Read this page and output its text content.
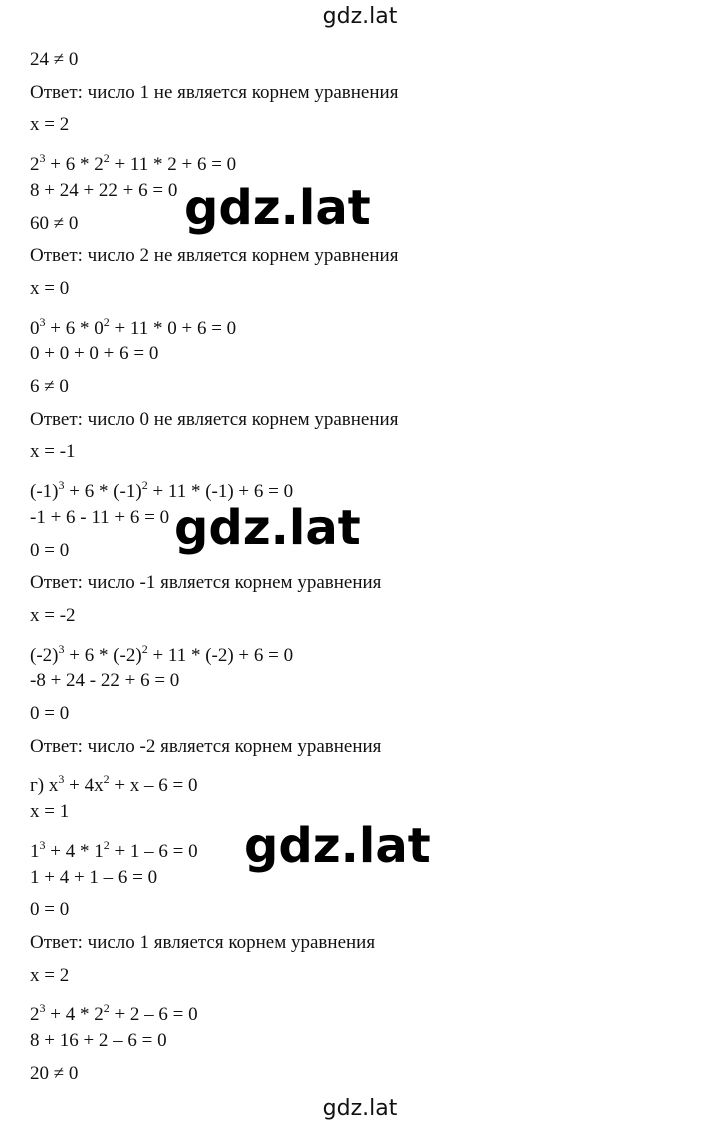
gdz.lat
24 ≠ 0
Ответ: число 1 не является корнем уравнения
x = 2
$2^3 + 6 * 2^2 + 11 * 2 + 6 = 0$
8 + 24 + 22 + 6 = 0
60 ≠ 0
Ответ: число 2 не является корнем уравнения
x = 0
$0^3 + 6 * 0^2 + 11 * 0 + 6 = 0$
0 + 0 + 0 + 6 = 0
6 ≠ 0
Ответ: число 0 не является корнем уравнения
x = -1
$(-1)^3 + 6 * (-1)^2 + 11 * (-1) + 6 = 0$
-1 + 6 - 11 + 6 = 0
0 = 0
Ответ: число -1 является корнем уравнения
x = -2
$(-2)^3 + 6 * (-2)^2 + 11 * (-2) + 6 = 0$
-8 + 24 - 22 + 6 = 0
0 = 0
Ответ: число -2 является корнем уравнения
г) $x^3 + 4x^2 + x - 6 = 0$
x = 1
$1^3 + 4 * 1^2 + 1 - 6 = 0$
1 + 4 + 1 – 6 = 0
0 = 0
Ответ: число 1 является корнем уравнения
x = 2
$2^3 + 4 * 2^2 + 2 - 6 = 0$
8 + 16 + 2 – 6 = 0
20 ≠ 0
gdz.lat
gdz.lat
gdz.lat
gdz.lat
